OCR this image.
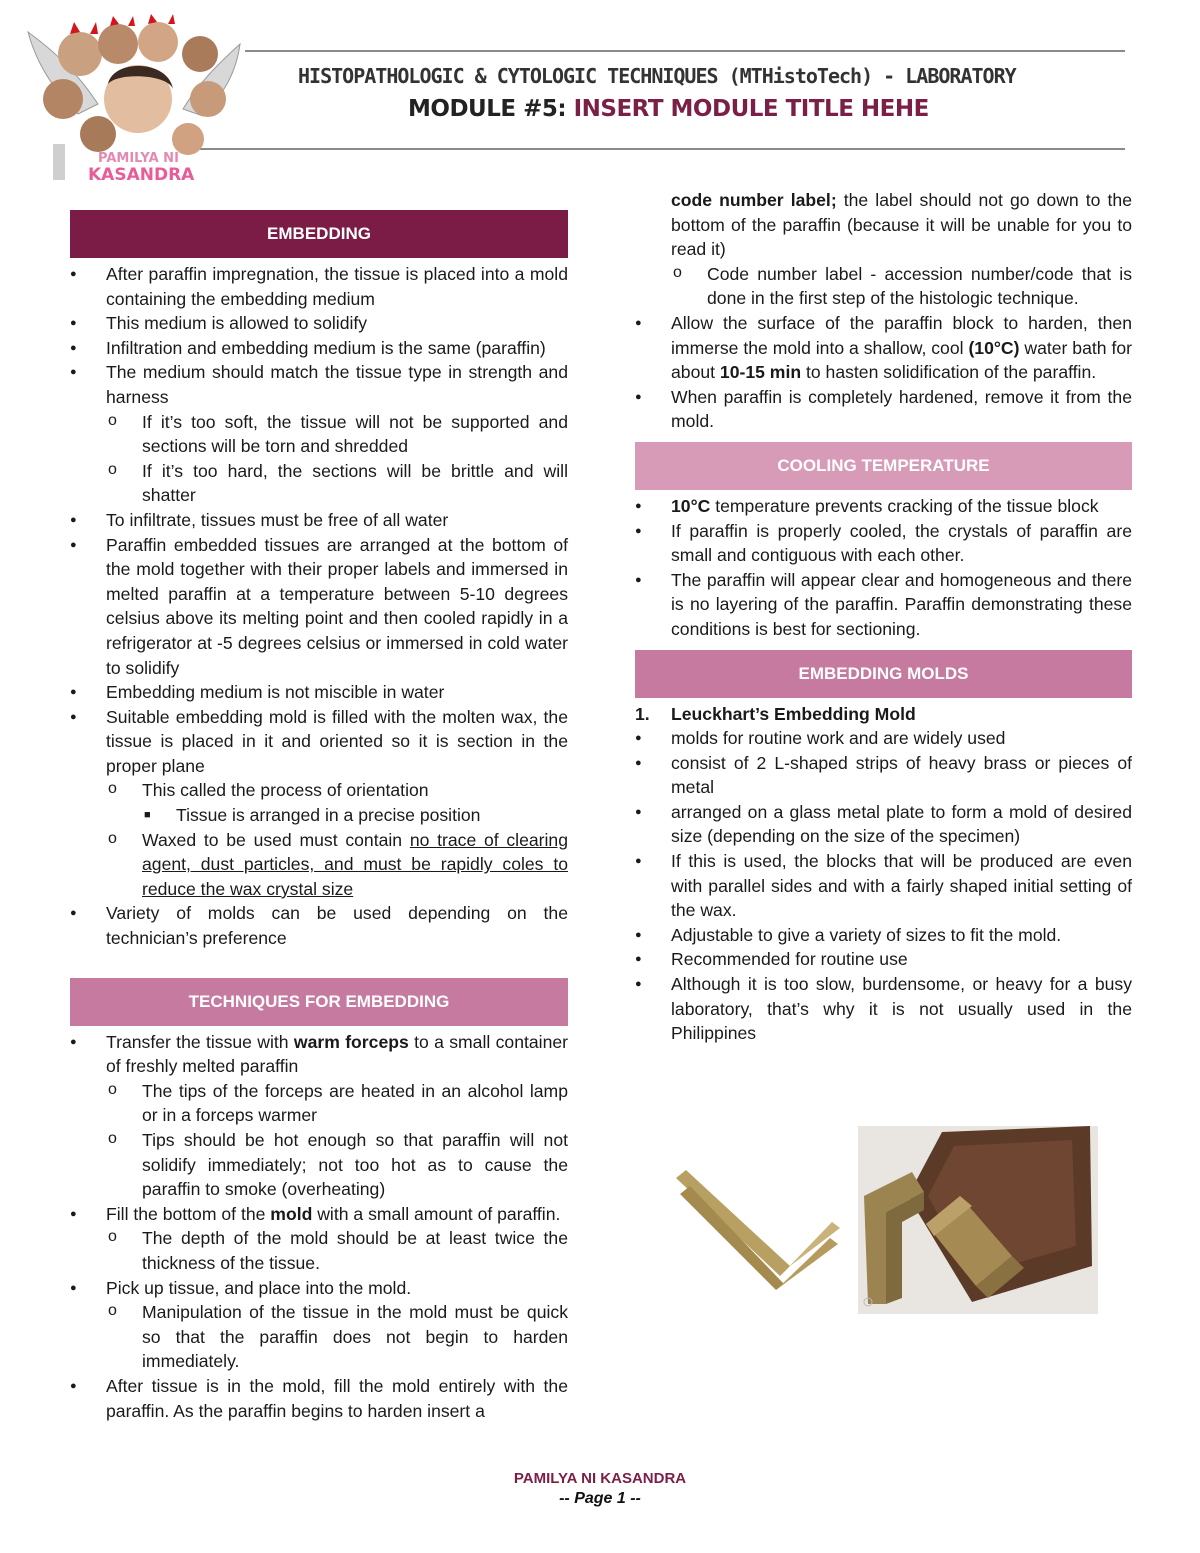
PAMILYA NI
KASANDRA
HISTOPATHOLOGIC & CYTOLOGIC TECHNIQUES (MTHistoTech) - LABORATORY
MODULE #5: INSERT MODULE TITLE HEHE
EMBEDDING
● After paraffin impregnation, the tissue is placed into a mold containing the embedding medium
● This medium is allowed to solidify
● Infiltration and embedding medium is the same (paraffin)
● The medium should match the tissue type in strength and harness
o If it’s too soft, the tissue will not be supported and sections will be torn and shredded
o If it’s too hard, the sections will be brittle and will shatter
● To infiltrate, tissues must be free of all water
● Paraffin embedded tissues are arranged at the bottom of the mold together with their proper labels and immersed in melted paraffin at a temperature between 5-10 degrees celsius above its melting point and then cooled rapidly in a refrigerator at -5 degrees celsius or immersed in cold water to solidify
● Embedding medium is not miscible in water
● Suitable embedding mold is filled with the molten wax, the tissue is placed in it and oriented so it is section in the proper plane
o This called the process of orientation
■ Tissue is arranged in a precise position
o Waxed to be used must contain no trace of clearing agent, dust particles, and must be rapidly coles to reduce the wax crystal size
● Variety of molds can be used depending on the technician’s preference
TECHNIQUES FOR EMBEDDING
● Transfer the tissue with warm forceps to a small container of freshly melted paraffin
o The tips of the forceps are heated in an alcohol lamp or in a forceps warmer
o Tips should be hot enough so that paraffin will not solidify immediately; not too hot as to cause the paraffin to smoke (overheating)
● Fill the bottom of the mold with a small amount of paraffin.
o The depth of the mold should be at least twice the thickness of the tissue.
● Pick up tissue, and place into the mold.
o Manipulation of the tissue in the mold must be quick so that the paraffin does not begin to harden immediately.
● After tissue is in the mold, fill the mold entirely with the paraffin. As the paraffin begins to harden insert a
code number label; the label should not go down to the bottom of the paraffin (because it will be unable for you to read it)
o Code number label - accession number/code that is done in the first step of the histologic technique.
● Allow the surface of the paraffin block to harden, then immerse the mold into a shallow, cool (10°C) water bath for about 10-15 min to hasten solidification of the paraffin.
● When paraffin is completely hardened, remove it from the mold.
COOLING TEMPERATURE
● 10°C temperature prevents cracking of the tissue block
● If paraffin is properly cooled, the crystals of paraffin are small and contiguous with each other.
● The paraffin will appear clear and homogeneous and there is no layering of the paraffin. Paraffin demonstrating these conditions is best for sectioning.
EMBEDDING MOLDS
1. Leuckhart’s Embedding Mold
● molds for routine work and are widely used
● consist of 2 L-shaped strips of heavy brass or pieces of metal
● arranged on a glass metal plate to form a mold of desired size (depending on the size of the specimen)
● If this is used, the blocks that will be produced are even with parallel sides and with a fairly shaped initial setting of the wax.
● Adjustable to give a variety of sizes to fit the mold.
● Recommended for routine use
● Although it is too slow, burdensome, or heavy for a busy laboratory, that’s why it is not usually used in the Philippines
PAMILYA NI KASANDRA
-- Page 1 --
